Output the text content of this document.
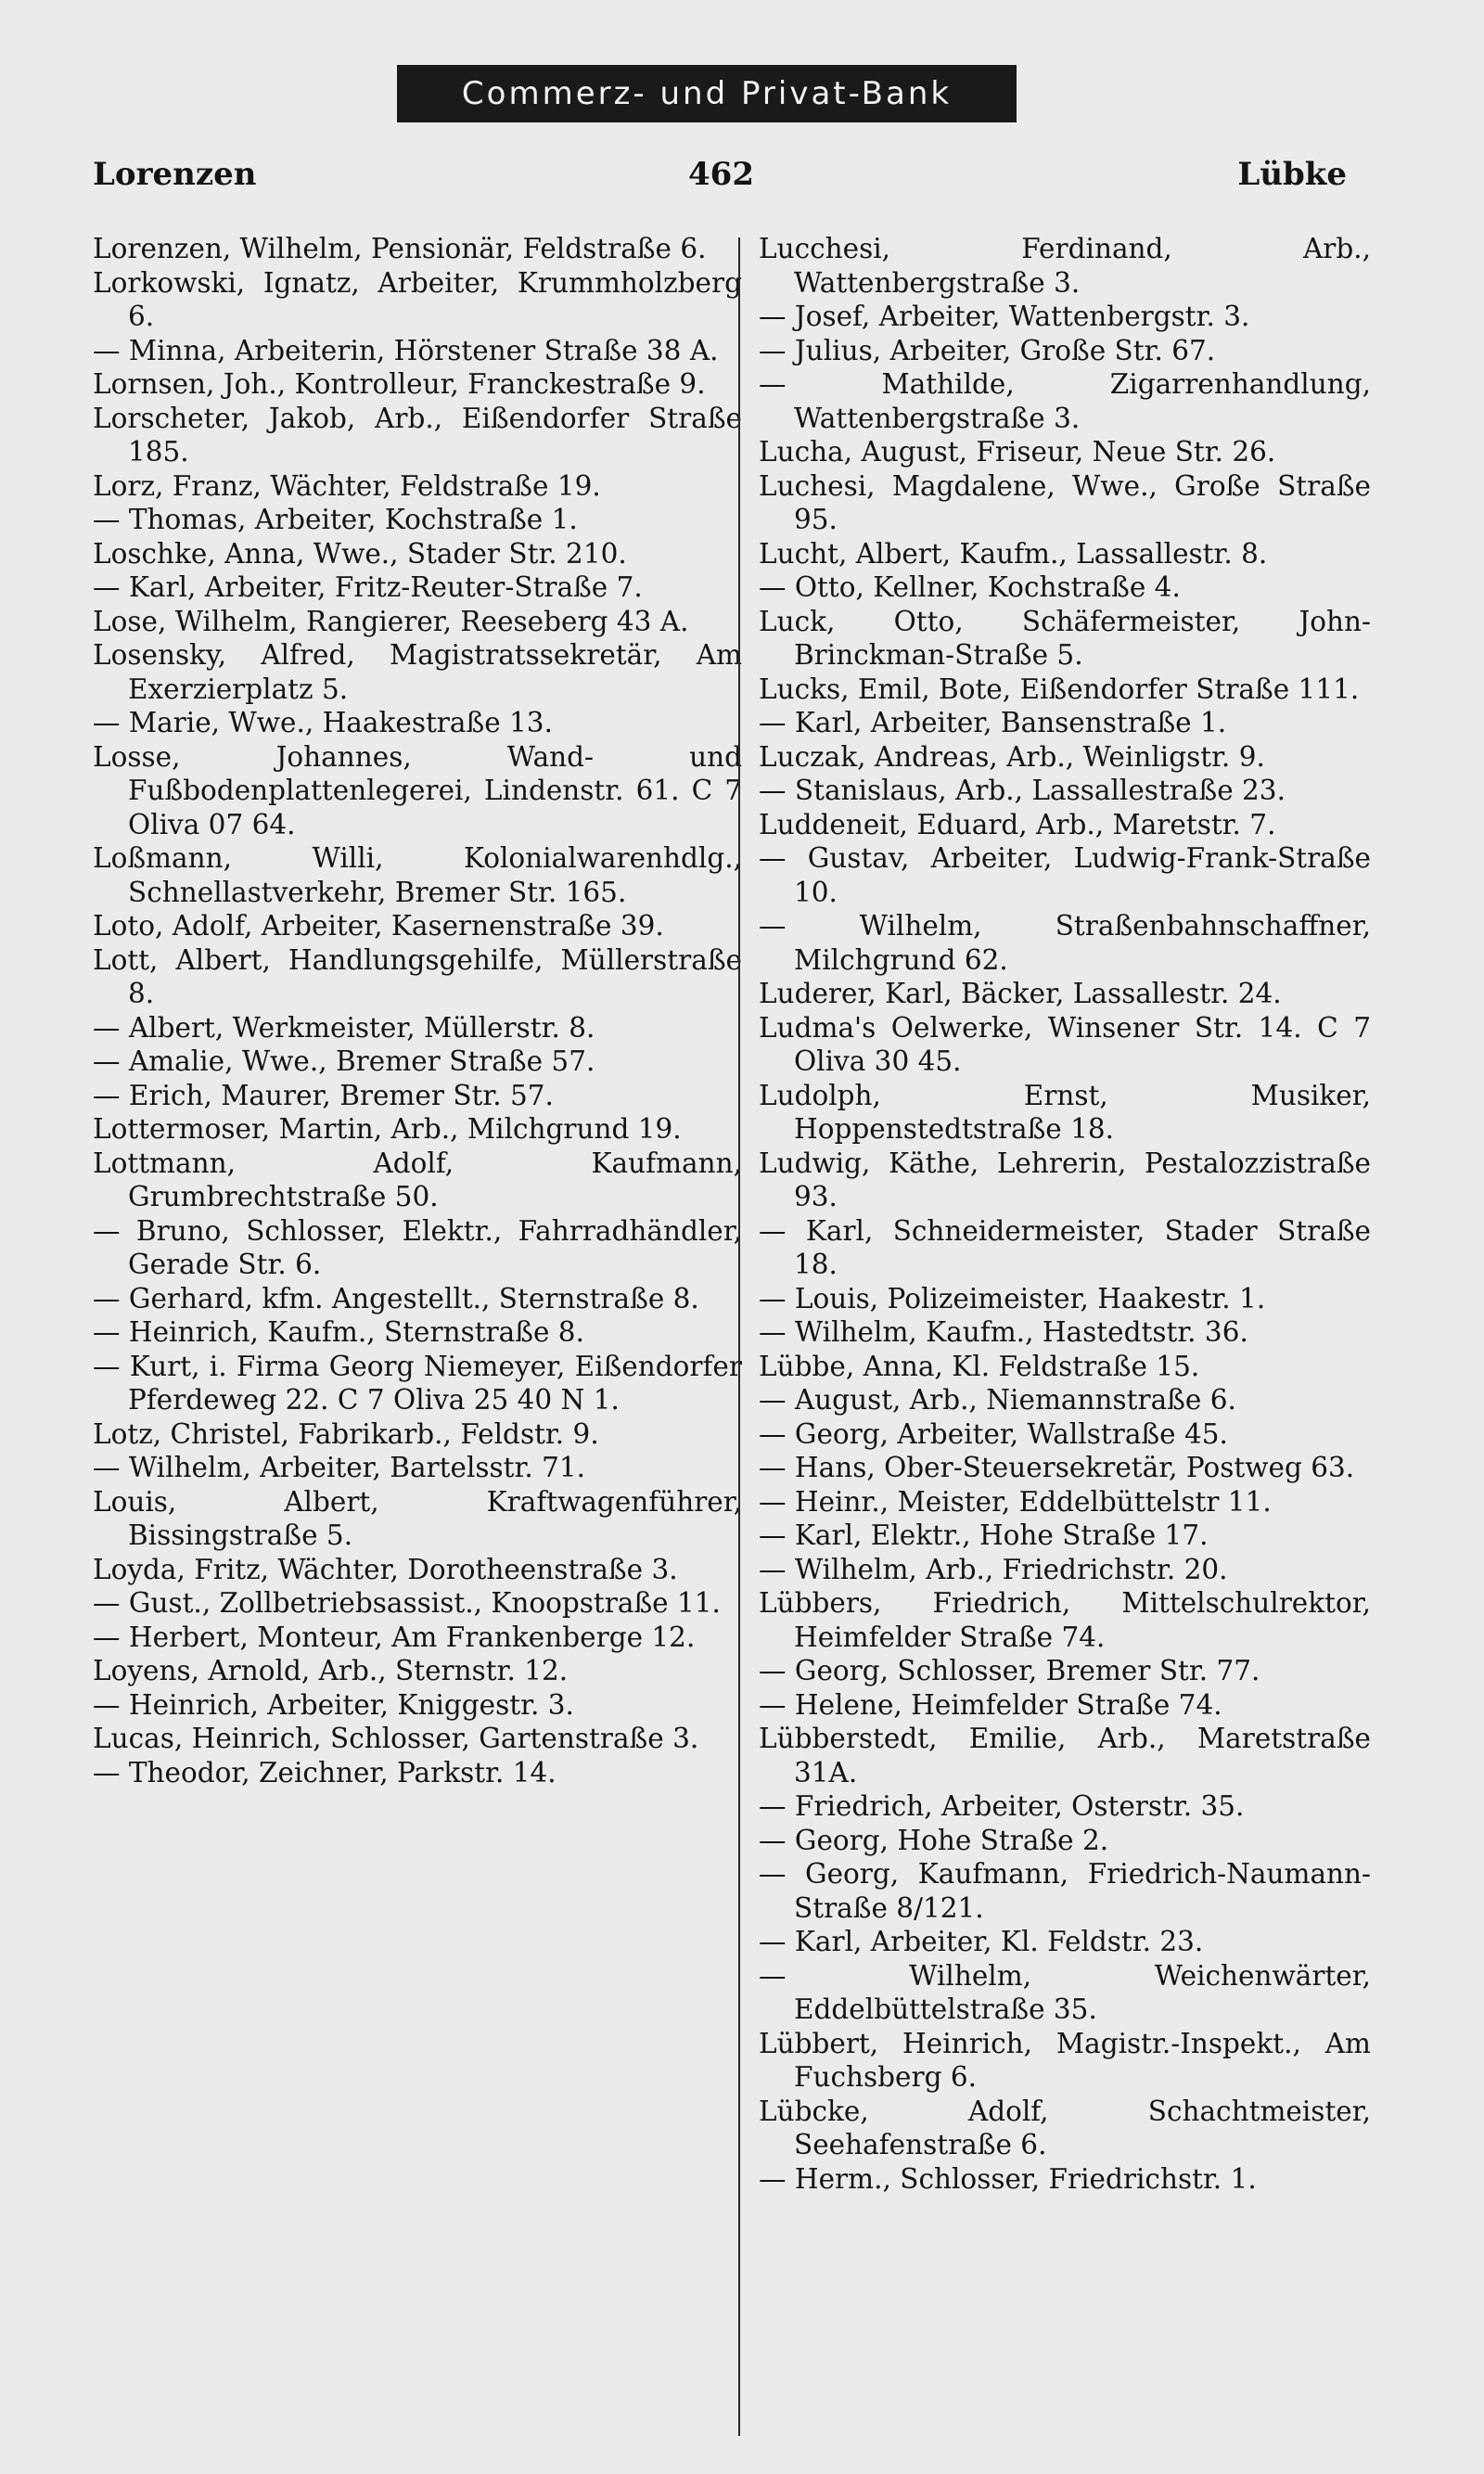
Commerz- und Privat-Bank
Lorenzen	462	Lübke

Lorenzen, Wilhelm, Pensionär, Feldstraße 6.

Lorkowski, Ignatz, Arbeiter, Krummholzberg 6.

— Minna, Arbeiterin, Hörstener Straße 38 A.

Lornsen, Joh., Kontrolleur, Franckestraße 9.

Lorscheter, Jakob, Arb., Eißendorfer Straße 185.

Lorz, Franz, Wächter, Feldstraße 19.

— Thomas, Arbeiter, Kochstraße 1.

Loschke, Anna, Wwe., Stader Str. 210.

— Karl, Arbeiter, Fritz-Reuter-Straße 7.

Lose, Wilhelm, Rangierer, Reeseberg 43 A.

Losensky, Alfred, Magistratssekretär, Am Exerzierplatz 5.

— Marie, Wwe., Haakestraße 13.

Losse, Johannes, Wand- und Fußbodenplattenlegerei, Lindenstr. 61. C 7 Oliva 07 64.

Loßmann, Willi, Kolonialwarenhdlg., Schnellastverkehr, Bremer Str. 165.

Loto, Adolf, Arbeiter, Kasernenstraße 39.

Lott, Albert, Handlungsgehilfe, Müllerstraße 8.

— Albert, Werkmeister, Müllerstr. 8.

— Amalie, Wwe., Bremer Straße 57.

— Erich, Maurer, Bremer Str. 57.

Lottermoser, Martin, Arb., Milchgrund 19.

Lottmann, Adolf, Kaufmann, Grumbrechtstraße 50.

— Bruno, Schlosser, Elektr., Fahrradhändler, Gerade Str. 6.

— Gerhard, kfm. Angestellt., Sternstraße 8.

— Heinrich, Kaufm., Sternstraße 8.

— Kurt, i. Firma Georg Niemeyer, Eißendorfer Pferdeweg 22. C 7 Oliva 25 40 N 1.

Lotz, Christel, Fabrikarb., Feldstr. 9.

— Wilhelm, Arbeiter, Bartelsstr. 71.

Louis, Albert, Kraftwagenführer, Bissingstraße 5.

Loyda, Fritz, Wächter, Dorotheenstraße 3.

— Gust., Zollbetriebsassist., Knoopstraße 11.

— Herbert, Monteur, Am Frankenberge 12.

Loyens, Arnold, Arb., Sternstr. 12.

— Heinrich, Arbeiter, Kniggestr. 3.

Lucas, Heinrich, Schlosser, Gartenstraße 3.

— Theodor, Zeichner, Parkstr. 14.

Lucchesi, Ferdinand, Arb., Wattenbergstraße 3.

— Josef, Arbeiter, Wattenbergstr. 3.

— Julius, Arbeiter, Große Str. 67.

— Mathilde, Zigarrenhandlung, Wattenbergstraße 3.

Lucha, August, Friseur, Neue Str. 26.

Luchesi, Magdalene, Wwe., Große Straße 95.

Lucht, Albert, Kaufm., Lassallestr. 8.

— Otto, Kellner, Kochstraße 4.

Luck, Otto, Schäfermeister, John-Brinckman-Straße 5.

Lucks, Emil, Bote, Eißendorfer Straße 111.

— Karl, Arbeiter, Bansenstraße 1.

Luczak, Andreas, Arb., Weinligstr. 9.

— Stanislaus, Arb., Lassallestraße 23.

Luddeneit, Eduard, Arb., Maretstr. 7.

— Gustav, Arbeiter, Ludwig-Frank-Straße 10.

— Wilhelm, Straßenbahnschaffner, Milchgrund 62.

Luderer, Karl, Bäcker, Lassallestr. 24.

Ludma's Oelwerke, Winsener Str. 14. C 7 Oliva 30 45.

Ludolph, Ernst, Musiker, Hoppenstedtstraße 18.

Ludwig, Käthe, Lehrerin, Pestalozzistraße 93.

— Karl, Schneidermeister, Stader Straße 18.

— Louis, Polizeimeister, Haakestr. 1.

— Wilhelm, Kaufm., Hastedtstr. 36.

Lübbe, Anna, Kl. Feldstraße 15.

— August, Arb., Niemannstraße 6.

— Georg, Arbeiter, Wallstraße 45.

— Hans, Ober-Steuersekretär, Postweg 63.

— Heinr., Meister, Eddelbüttelstr 11.

— Karl, Elektr., Hohe Straße 17.

— Wilhelm, Arb., Friedrichstr. 20.

Lübbers, Friedrich, Mittelschulrektor, Heimfelder Straße 74.

— Georg, Schlosser, Bremer Str. 77.

— Helene, Heimfelder Straße 74.

Lübberstedt, Emilie, Arb., Maretstraße 31A.

— Friedrich, Arbeiter, Osterstr. 35.

— Georg, Hohe Straße 2.

— Georg, Kaufmann, Friedrich-Naumann-Straße 8/121.

— Karl, Arbeiter, Kl. Feldstr. 23.

— Wilhelm, Weichenwärter, Eddelbüttelstraße 35.

Lübbert, Heinrich, Magistr.-Inspekt., Am Fuchsberg 6.

Lübcke, Adolf, Schachtmeister, Seehafenstraße 6.

— Herm., Schlosser, Friedrichstr. 1.
